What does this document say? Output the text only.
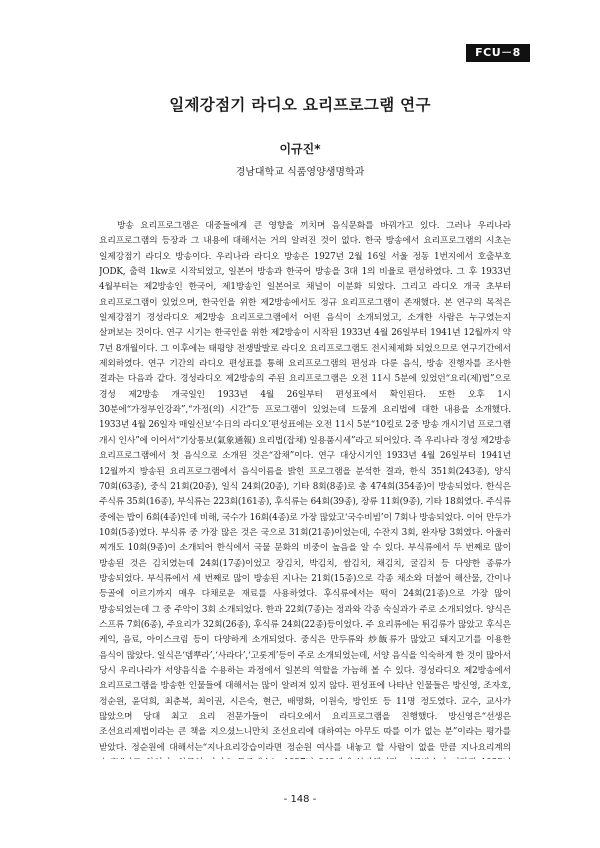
FCU－8
일제강점기 라디오 요리프로그램 연구
이규진*
경남대학교 식품영양생명학과
방송 요리프로그램은 대중들에게 큰 영향을 끼치며 음식문화를 바꿔가고 있다. 그러나 우리나라 요리프로그램의 등장과 그 내용에 대해서는 거의 알려진 것이 없다. 한국 방송에서 요리프로그램의 시초는 일제강점기 라디오 방송이다. 우리나라 라디오 방송은 1927년 2월 16일 서울 정동 1번지에서 호출부호 JODK, 출력 1kw로 시작되었고, 일본어 방송과 한국어 방송을 3대 1의 비율로 편성하였다. 그 후 1933년 4월부터는 제2방송인 한국어, 제1방송인 일본어로 채널이 이분화 되었다. 그리고 라디오 개국 초부터 요리프로그램이 있었으며, 한국인을 위한 제2방송에서도 정규 요리프로그램이 존재했다. 본 연구의 목적은 일제강점기 경성라디오 제2방송 요리프로그램에서 어떤 음식이 소개되었고, 소개한 사람은 누구였는지 살펴보는 것이다. 연구 시기는 한국인을 위한 제2방송이 시작된 1933년 4월 26일부터 1941년 12월까지 약 7년 8개월이다. 그 이후에는 태평양 전쟁발발로 라디오 요리프로그램도 전시체제화 되었으므로 연구기간에서 제외하였다. 연구 기간의 라디오 편성표를 통해 요리프로그램의 편성과 다룬 음식, 방송 진행자를 조사한 결과는 다음과 같다. 경성라디오 제2방송의 주된 요리프로그램은 오전 11시 5분에 있었던“요리(제)법”으로 경성 제2방송 개국일인 1933년 4월 26일부터 편성표에서 확인된다. 또한 오후 1시 30분에“가정부인강좌”,“가정(의) 시간”등 프로그램이 있었는데 드물게 요리법에 대한 내용을 소개했다. 1933년 4월 26일자 매일신보‘수日의 라디오’편성표에는 오전 11시 5분“10킬로 2중 방송 개시기념 프로그램 개시 인사”에 이어서“기상통보(氣象通報) 요리법(잡채) 일용품시세”라고 되어있다. 즉 우리나라 경성 제2방송 요리프로그램에서 첫 음식으로 소개된 것은“잡채”이다. 연구 대상시기인 1933년 4월 26일부터 1941년 12월까지 방송된 요리프로그램에서 음식이름을 밝힌 프로그램을 분석한 결과, 한식 351회(243종), 양식 70회(63종), 중식 21회(20종), 일식 24회(20종), 기타 8회(8종)로 총 474회(354종)이 방송되었다. 한식은 주식류 35회(16종), 부식류는 223회(161종), 후식류는 64회(39종), 장류 11회(9종), 기타 18회였다. 주식류 중에는 밥이 6회(4종)인데 비해, 국수가 16회(4종)로 가장 많았고‘국수비빔’이 7회나 방송되었다. 이어 만두가 10회(5종)였다. 부식류 중 가장 많은 것은 국으로 31회(21종)이었는데, 수잔지 3회, 완자탕 3회였다. 아울러 찌개도 10회(9종)이 소개되어 한식에서 국물 문화의 비중이 높음을 알 수 있다. 부식류에서 두 번째로 많이 방송된 것은 김치였는데 24회(17종)이었고 장김치, 박김치, 쌈김치, 채김치, 굴김치 등 다양한 종류가 방송되었다. 부식류에서 세 번째로 많이 방송된 지나는 21회(15종)으로 각종 채소와 더불어 해산물, 간이나 등골에 이르기까지 매우 다채로운 재료를 사용하였다. 후식류에서는 떡이 24회(21종)으로 가장 많이 방송되었는데 그 중 주악이 3회 소개되었다. 한과 22회(7종)는 정과와 각종 숙실과가 주로 소개되었다. 양식은 스프류 7회(6종), 주요리가 32회(26종), 후식류 24회(22종)등이었다. 주 요리류에는 튀김류가 많았고 후식은 케익, 음료, 아이스크림 등이 다양하게 소개되었다. 중식은 만두류와 炒飯류가 많았고 돼지고기를 이용한 음식이 많았다. 일식은‘뎀뿌라’,‘사라다’,‘고롯게’등이 주로 소개되었는데, 서양 음식을 익숙하게 한 것이 많아서 당시 우리나라가 서양음식을 수용하는 과정에서 일본의 역할을 가늠해 볼 수 있다. 경성라디오 제2방송에서 요리프로그램을 방송한 인물들에 대해서는 많이 알려져 있지 않다. 편성표에 나타난 인물들은 방신영, 조자호, 정순원, 윤덕희, 최춘복, 최이권, 시은숙, 현근, 배명화, 이원숙, 방인또 등 11명 정도였다. 교수, 교사가 많았으며 당대 최고 요리 전문가들이 라디오에서 요리프로그램을 진행했다. 방신영은“선생은 조선요리제법이라는 큰 책을 지으셨느니만치 조선요리에 대하여는 아무도 따를 이가 없는 분”이라는 평가를 받았다. 정순원에 대해서는“지나요리강습이라면 정순원 여사를 내놓고 할 사람이 없을 만큼 지나요리계의
- 148 -
